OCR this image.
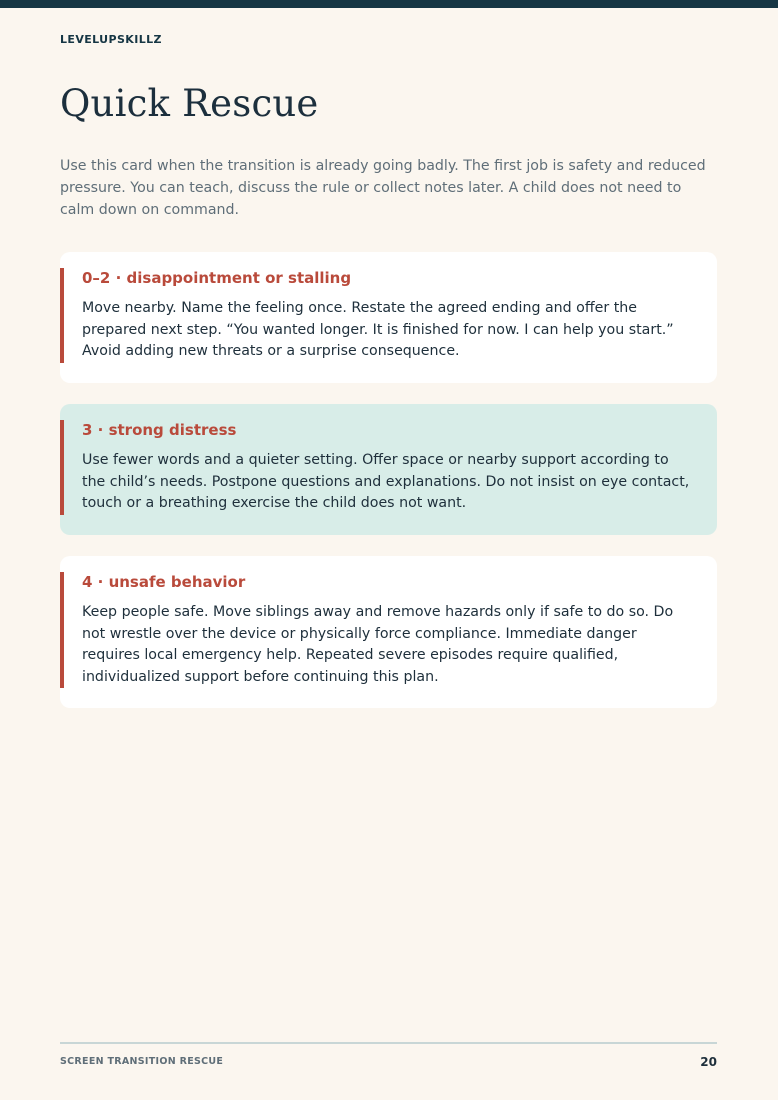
LEVELUPSKILLZ
Quick Rescue

Use this card when the transition is already going badly. The first job is safety and reduced pressure. You can teach, discuss the rule or collect notes later. A child does not need to calm down on command.

0–2 · disappointment or stalling

Move nearby. Name the feeling once. Restate the agreed ending and offer the prepared next step. “You wanted longer. It is finished for now. I can help you start.” Avoid adding new threats or a surprise consequence.

3 · strong distress

Use fewer words and a quieter setting. Offer space or nearby support according to the child’s needs. Postpone questions and explanations. Do not insist on eye contact, touch or a breathing exercise the child does not want.

4 · unsafe behavior

Keep people safe. Move siblings away and remove hazards only if safe to do so. Do not wrestle over the device or physically force compliance. Immediate danger requires local emergency help. Repeated severe episodes require qualified, individualized support before continuing this plan.

SCREEN TRANSITION RESCUE	20
